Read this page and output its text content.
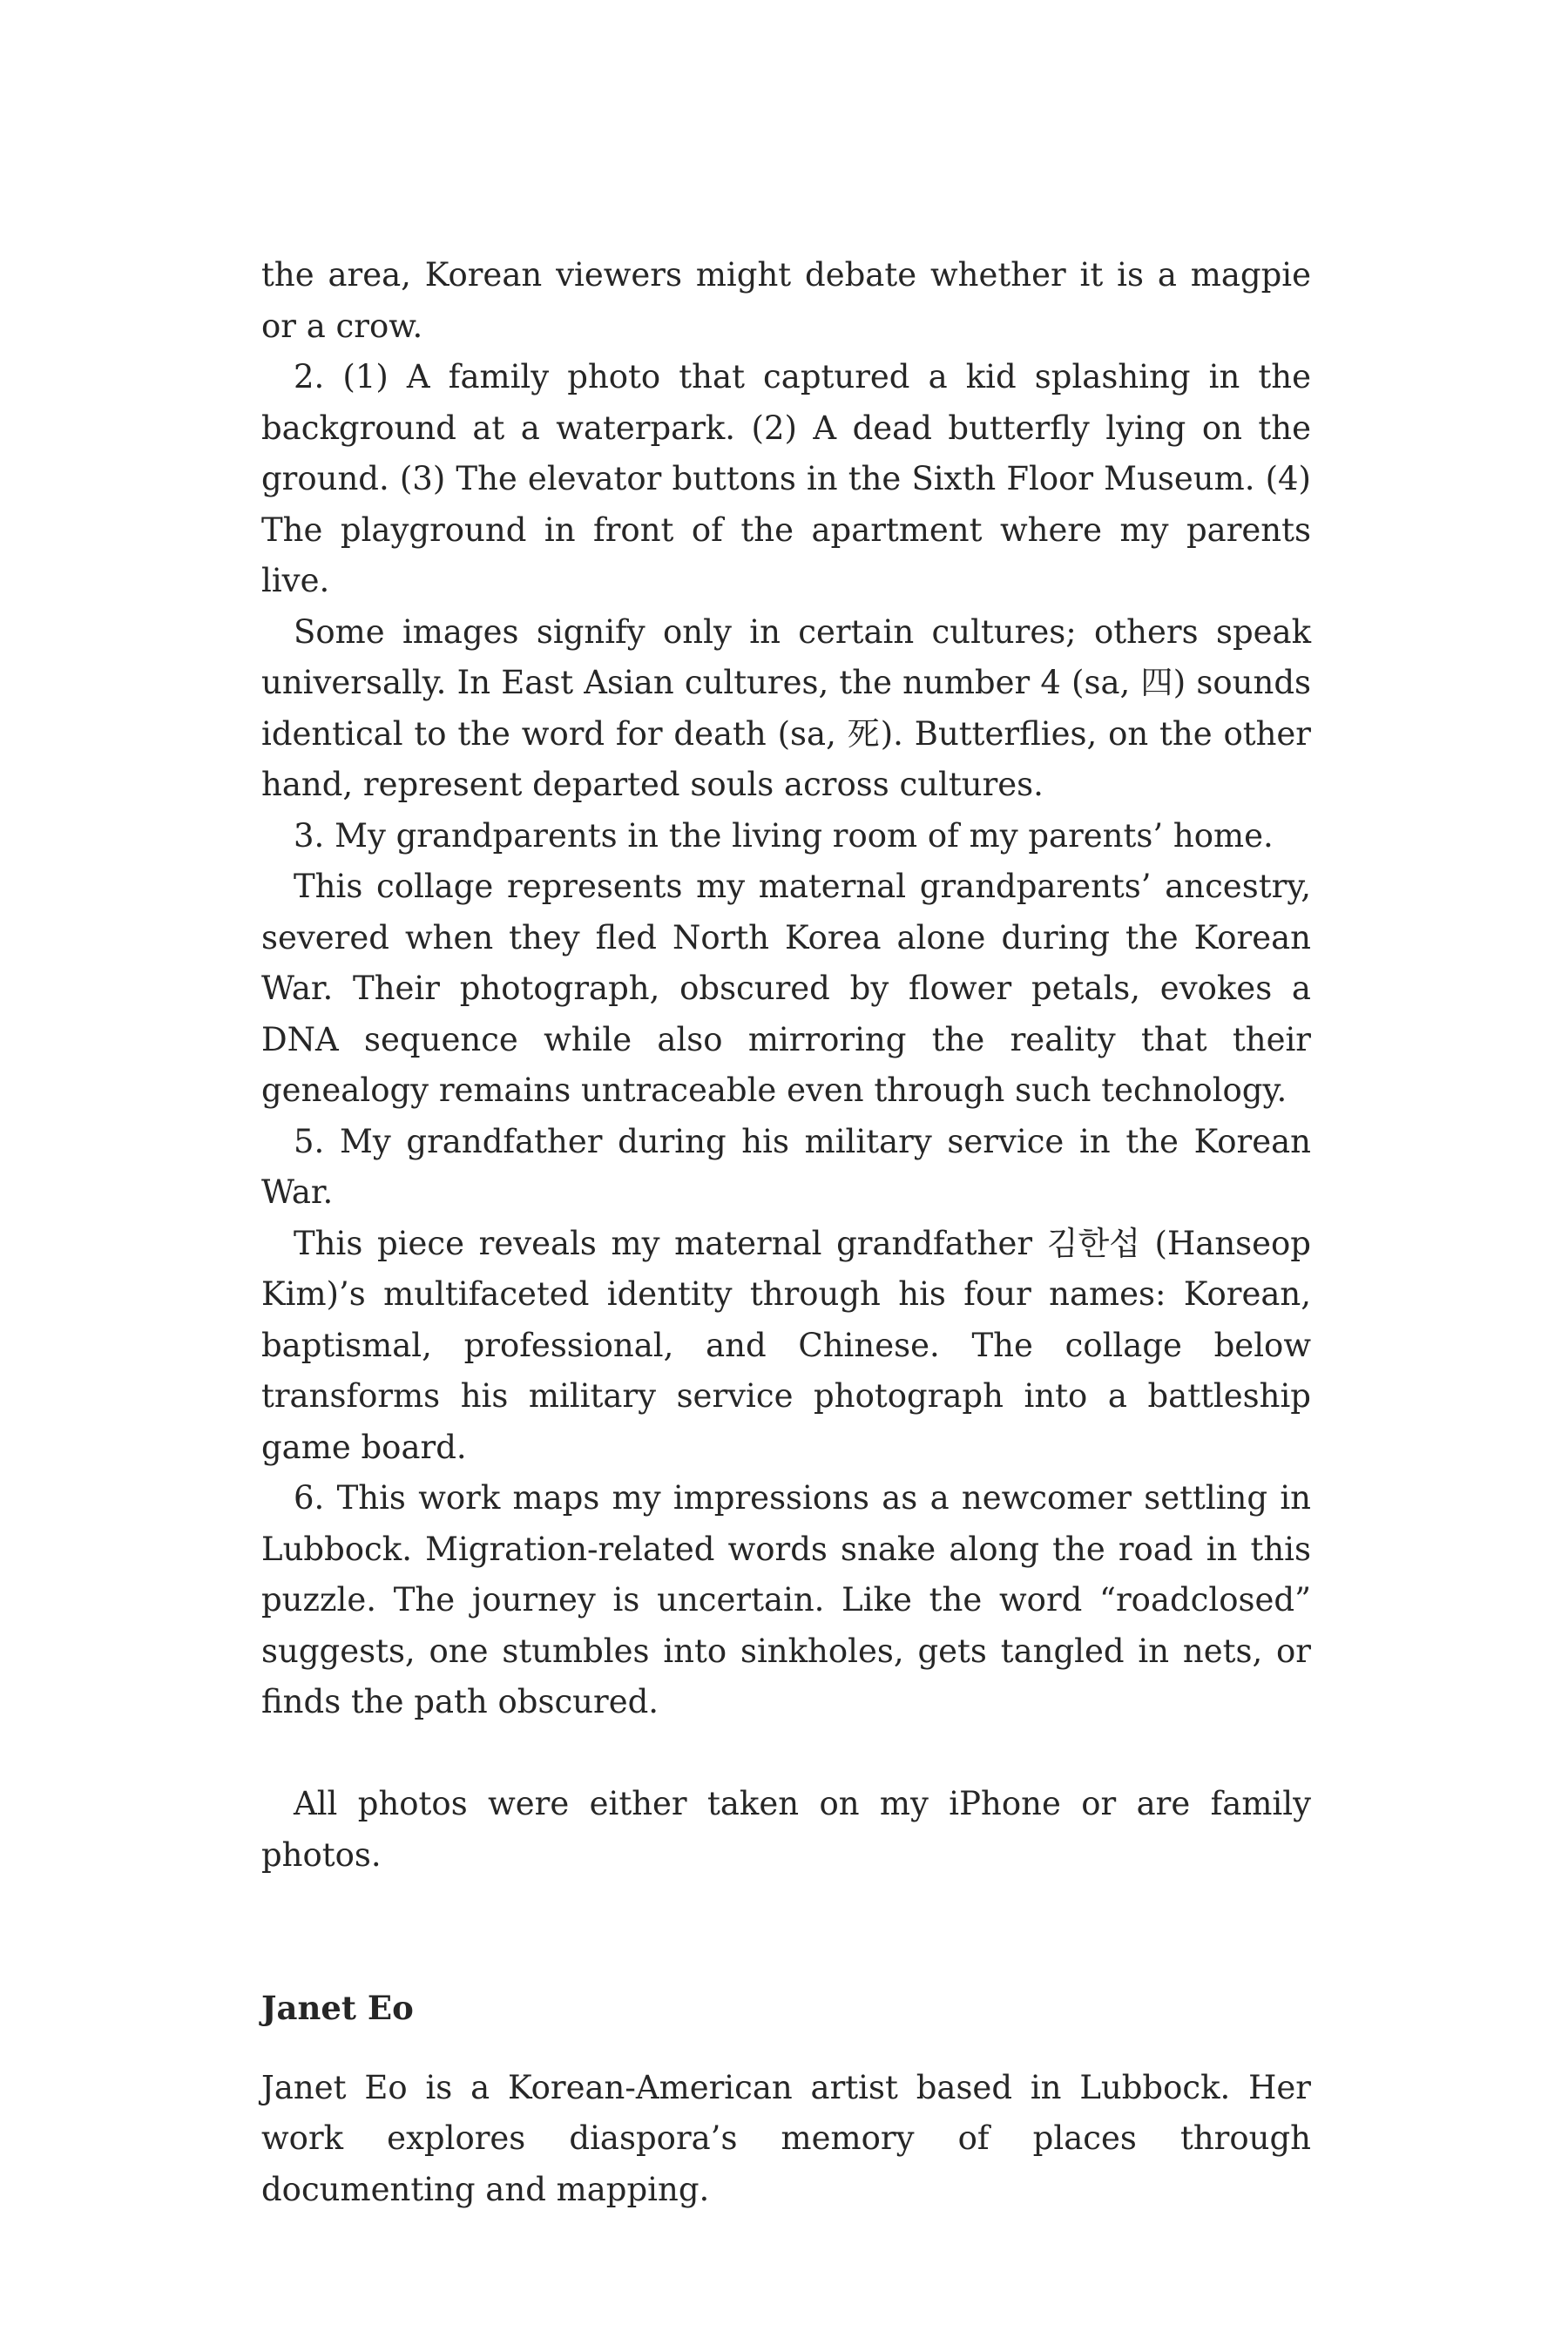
the area, Korean viewers might debate whether it is a magpie or a crow.

2. (1) A family photo that captured a kid splashing in the background at a waterpark. (2) A dead butterfly lying on the ground. (3) The elevator buttons in the Sixth Floor Museum. (4) The playground in front of the apartment where my parents live.

Some images signify only in certain cultures; others speak universally. In East Asian cultures, the number 4 (sa, 四) sounds identical to the word for death (sa, 死). Butterflies, on the other hand, represent departed souls across cultures.

3. My grandparents in the living room of my parents’ home.

This collage represents my maternal grandparents’ ancestry, severed when they fled North Korea alone during the Korean War. Their photograph, obscured by flower petals, evokes a DNA sequence while also mirroring the reality that their genealogy remains untraceable even through such technology.

5. My grandfather during his military service in the Korean War.

This piece reveals my maternal grandfather 김한섭 (Hanseop Kim)’s multifaceted identity through his four names: Korean, baptismal, professional, and Chinese. The collage below transforms his military service photograph into a battleship game board.

6. This work maps my impressions as a newcomer settling in Lubbock. Migration-related words snake along the road in this puzzle. The journey is uncertain. Like the word “roadclosed” suggests, one stumbles into sinkholes, gets tangled in nets, or finds the path obscured.

All photos were either taken on my iPhone or are family photos.

Janet Eo

Janet Eo is a Korean-American artist based in Lubbock. Her work explores diaspora’s memory of places through documenting and mapping.
